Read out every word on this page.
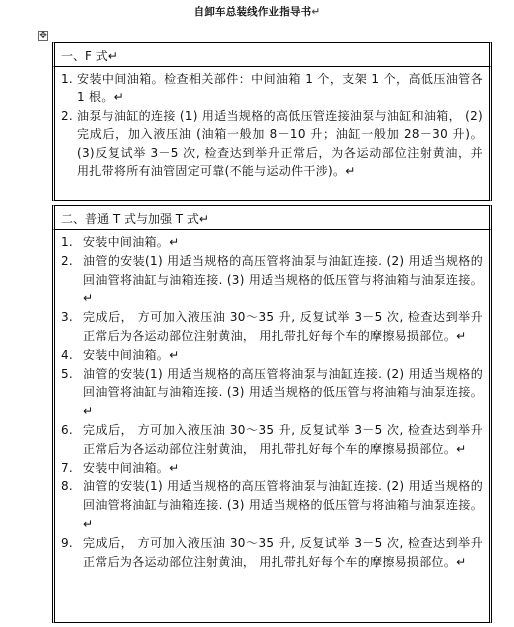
自卸车总装线作业指导书↵
✥
一、F 式↵
1. 安装中间油箱。检查相关部件：中间油箱 1 个，支架 1 个，高低压油管各 1 根。↵
2. 油泵与油缸的连接 (1) 用适当规格的高低压管连接油泵与油缸和油箱， (2)完成后，加入液压油 (油箱一般加 8－10 升；油缸一般加 28－30 升)。 (3)反复试举 3－5 次, 检查达到举升正常后，为各运动部位注射黄油，并用扎带将所有油管固定可靠(不能与运动件干涉)。↵
二、普通 T 式与加强 T 式↵
1. 安装中间油箱。↵
2. 油管的安装(1) 用适当规格的高压管将油泵与油缸连接. (2) 用适当规格的回油管将油缸与油箱连接. (3) 用适当规格的低压管与将油箱与油泵连接。↵
3. 完成后， 方可加入液压油 30～35 升, 反复试举 3－5 次, 检查达到举升正常后为各运动部位注射黄油， 用扎带扎好每个车的摩擦易损部位。↵
4. 安装中间油箱。↵
5. 油管的安装(1) 用适当规格的高压管将油泵与油缸连接. (2) 用适当规格的回油管将油缸与油箱连接. (3) 用适当规格的低压管与将油箱与油泵连接。↵
6. 完成后， 方可加入液压油 30～35 升, 反复试举 3－5 次, 检查达到举升正常后为各运动部位注射黄油， 用扎带扎好每个车的摩擦易损部位。↵
7. 安装中间油箱。↵
8. 油管的安装(1) 用适当规格的高压管将油泵与油缸连接. (2) 用适当规格的回油管将油缸与油箱连接. (3) 用适当规格的低压管与将油箱与油泵连接。↵
9. 完成后， 方可加入液压油 30～35 升, 反复试举 3－5 次, 检查达到举升正常后为各运动部位注射黄油， 用扎带扎好每个车的摩擦易损部位。↵
